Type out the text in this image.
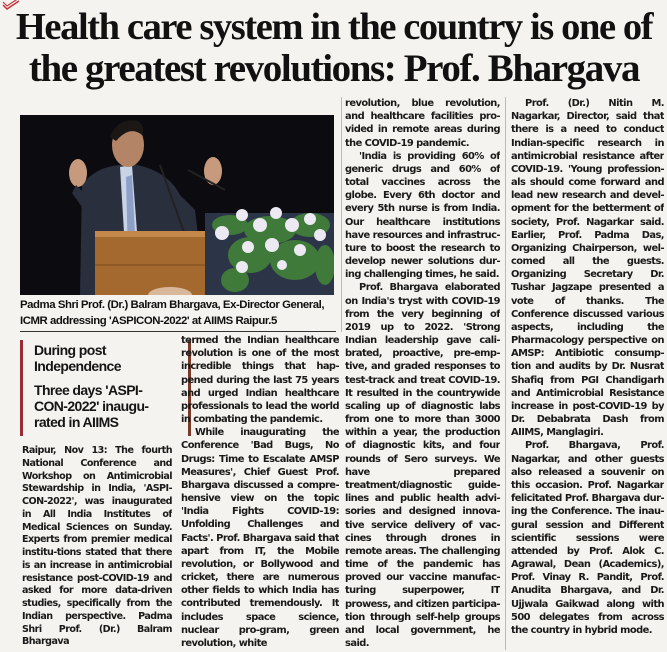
Health care system in the country is one of
the greatest revolutions: Prof. Bhargava
Padma Shri Prof. (Dr.) Balram Bhargava, Ex-Director General,
ICMR addressing 'ASPICON-2022' at AIIMS Raipur.5
During post Independence
Three days 'ASPI-CON-2022' inaugu-rated in AIIMS

Raipur, Nov 13: The fourth National Conference and Workshop on Antimicrobial Stewardship in India, 'ASPI-CON-2022', was inaugurated in All India Institutes of Medical Sciences on Sunday. Experts from premier medical institu-tions stated that there is an increase in antimicrobial resistance post-COVID-19 and asked for more data-driven studies, specifically from the Indian perspective. Padma Shri Prof. (Dr.) Balram Bhargava

termed the Indian healthcare revolution is one of the most incredible things that hap-pened during the last 75 years and urged Indian healthcare professionals to lead the world in combating the pandemic.

While inaugurating the Conference 'Bad Bugs, No Drugs: Time to Escalate AMSP Measures', Chief Guest Prof. Bhargava discussed a compre-hensive view on the topic 'India Fights COVID-19: Unfolding Challenges and Facts'. Prof. Bhargava said that apart from IT, the Mobile revolution, or Bollywood and cricket, there are numerous other fields to which India has contributed tremendously. It includes space science, nuclear pro-gram, green revolution, white

revolution, blue revolution, and healthcare facilities pro-vided in remote areas during the COVID-19 pandemic.

'India is providing 60% of generic drugs and 60% of total vaccines across the globe. Every 6th doctor and every 5th nurse is from India. Our healthcare institutions have resources and infrastruc-ture to boost the research to develop newer solutions dur-ing challenging times, he said.

Prof. Bhargava elaborated on India's tryst with COVID-19 from the very beginning of 2019 up to 2022. 'Strong Indian leadership gave cali-brated, proactive, pre-emp-tive, and graded responses to test-track and treat COVID-19. It resulted in the countrywide scaling up of diagnostic labs from one to more than 3000 within a year, the production of diagnostic kits, and four rounds of Sero surveys. We have prepared treatment/diagnostic guide-lines and public health advi-sories and designed innova-tive service delivery of vac-cines through drones in remote areas. The challenging time of the pandemic has proved our vaccine manufac-turing superpower, IT prowess, and citizen participa-tion through self-help groups and local government, he said.

Prof. (Dr.) Nitin M. Nagarkar, Director, said that there is a need to conduct Indian-specific research in antimicrobial resistance after COVID-19. 'Young profession-als should come forward and lead new research and devel-opment for the betterment of society, Prof. Nagarkar said. Earlier, Prof. Padma Das, Organizing Chairperson, wel-comed all the guests. Organizing Secretary Dr. Tushar Jagzape presented a vote of thanks. The Conference discussed various aspects, including the Pharmacology perspective on AMSP: Antibiotic consump-tion and audits by Dr. Nusrat Shafiq from PGI Chandigarh and Antimicrobial Resistance increase in post-COVID-19 by Dr. Debabrata Dash from AIIMS, Manglagiri.

Prof. Bhargava, Prof. Nagarkar, and other guests also released a souvenir on this occasion. Prof. Nagarkar felicitated Prof. Bhargava dur-ing the Conference. The inau-gural session and Different scientific sessions were attended by Prof. Alok C. Agrawal, Dean (Academics), Prof. Vinay R. Pandit, Prof. Anudita Bhargava, and Dr. Ujjwala Gaikwad along with 500 delegates from across the country in hybrid mode.
